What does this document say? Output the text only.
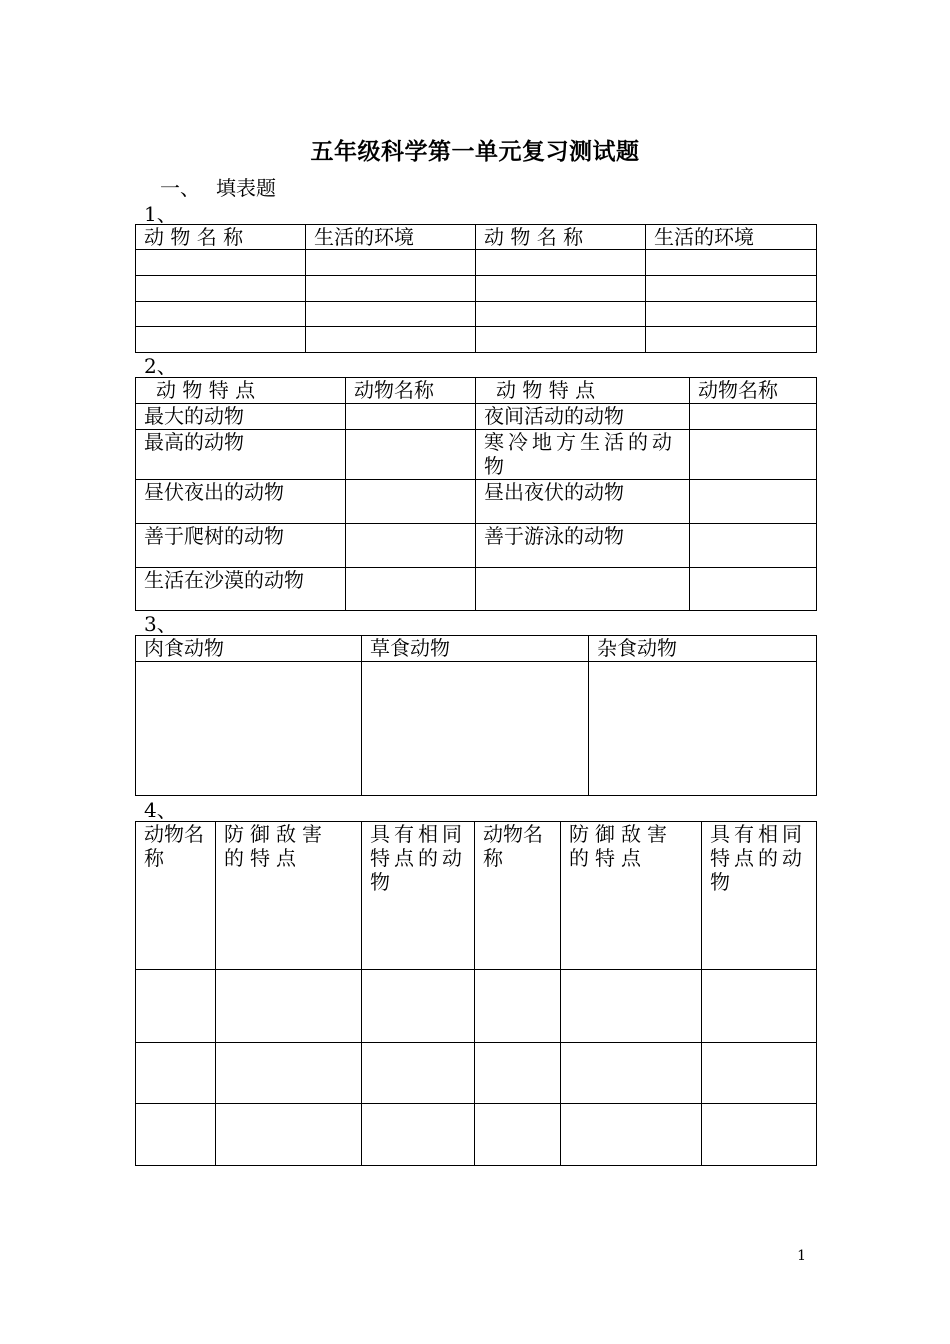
五年级科学第一单元复习测试题
一、 填表题
1、
动 物 名 称	生活的环境	动 物 名 称	生活的环境

2、
动 物 特 点	动物名称	动 物 特 点	动物名称
最大的动物		夜间活动的动物	
最高的动物		寒冷地方生活的动物	
昼伏夜出的动物		昼出夜伏的动物	
善于爬树的动物		善于游泳的动物	
生活在沙漠的动物			
3、
肉食动物	草食动物	杂食动物

4、
动物名称	防御敌害的特点	具有相同特点的动物	动物名称	防御敌害的特点	具有相同特点的动物

1
